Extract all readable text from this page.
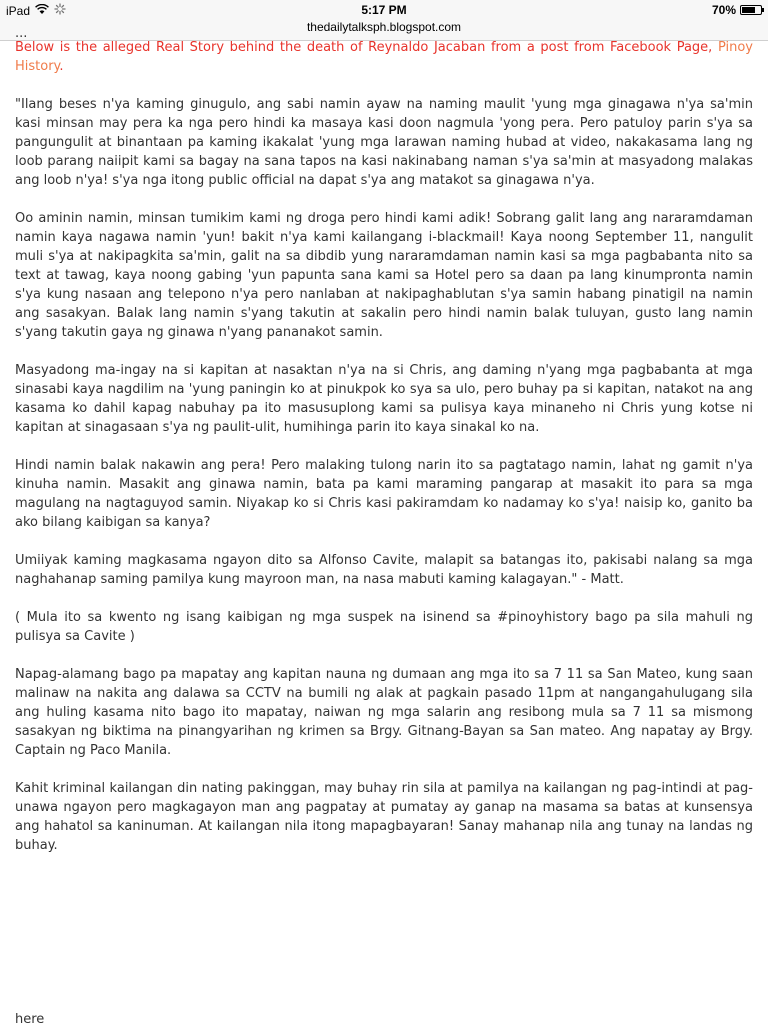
iPad	5:17 PM	70%
thedailytalksph.blogspot.com
...

Below is the alleged Real Story behind the death of Reynaldo Jacaban from a post from Facebook Page, Pinoy History.

"Ilang beses n'ya kaming ginugulo, ang sabi namin ayaw na naming maulit 'yung mga ginagawa n'ya sa'min kasi minsan may pera ka nga pero hindi ka masaya kasi doon nagmula 'yong pera. Pero patuloy parin s'ya sa pangungulit at binantaan pa kaming ikakalat 'yung mga larawan naming hubad at video, nakakasama lang ng loob parang naiipit kami sa bagay na sana tapos na kasi nakinabang naman s'ya sa'min at masyadong malakas ang loob n'ya! s'ya nga itong public official na dapat s'ya ang matakot sa ginagawa n'ya.

Oo aminin namin, minsan tumikim kami ng droga pero hindi kami adik! Sobrang galit lang ang nararamdaman namin kaya nagawa namin 'yun! bakit n'ya kami kailangang i-blackmail! Kaya noong September 11, nangulit muli s'ya at nakipagkita sa'min, galit na sa dibdib yung nararamdaman namin kasi sa mga pagbabanta nito sa text at tawag, kaya noong gabing 'yun papunta sana kami sa Hotel pero sa daan pa lang kinumpronta namin s'ya kung nasaan ang telepono n'ya pero nanlaban at nakipaghablutan s'ya samin habang pinatigil na namin ang sasakyan. Balak lang namin s'yang takutin at sakalin pero hindi namin balak tuluyan, gusto lang namin s'yang takutin gaya ng ginawa n'yang pananakot samin.

Masyadong ma-ingay na si kapitan at nasaktan n'ya na si Chris, ang daming n'yang mga pagbabanta at mga sinasabi kaya nagdilim na 'yung paningin ko at pinukpok ko sya sa ulo, pero buhay pa si kapitan, natakot na ang kasama ko dahil kapag nabuhay pa ito masusuplong kami sa pulisya kaya minaneho ni Chris yung kotse ni kapitan at sinagasaan s'ya ng paulit-ulit, humihinga parin ito kaya sinakal ko na.

Hindi namin balak nakawin ang pera! Pero malaking tulong narin ito sa pagtatago namin, lahat ng gamit n'ya kinuha namin. Masakit ang ginawa namin, bata pa kami maraming pangarap at masakit ito para sa mga magulang na nagtaguyod samin. Niyakap ko si Chris kasi pakiramdam ko nadamay ko s'ya! naisip ko, ganito ba ako bilang kaibigan sa kanya?

Umiiyak kaming magkasama ngayon dito sa Alfonso Cavite, malapit sa batangas ito, pakisabi nalang sa mga naghahanap saming pamilya kung mayroon man, na nasa mabuti kaming kalagayan." - Matt.

( Mula ito sa kwento ng isang kaibigan ng mga suspek na isinend sa #pinoyhistory bago pa sila mahuli ng pulisya sa Cavite )

Napag-alamang bago pa mapatay ang kapitan nauna ng dumaan ang mga ito sa 7 11 sa San Mateo, kung saan malinaw na nakita ang dalawa sa CCTV na bumili ng alak at pagkain pasado 11pm at nangangahulugang sila ang huling kasama nito bago ito mapatay, naiwan ng mga salarin ang resibong mula sa 7 11 sa mismong sasakyan ng biktima na pinangyarihan ng krimen sa Brgy. Gitnang-Bayan sa San mateo. Ang napatay ay Brgy. Captain ng Paco Manila.

Kahit kriminal kailangan din nating pakinggan, may buhay rin sila at pamilya na kailangan ng pag-intindi at pag-unawa ngayon pero magkagayon man ang pagpatay at pumatay ay ganap na masama sa batas at kunsensya ang hahatol sa kaninuman. At kailangan nila itong mapagbayaran! Sanay mahanap nila ang tunay na landas ng buhay.

here
